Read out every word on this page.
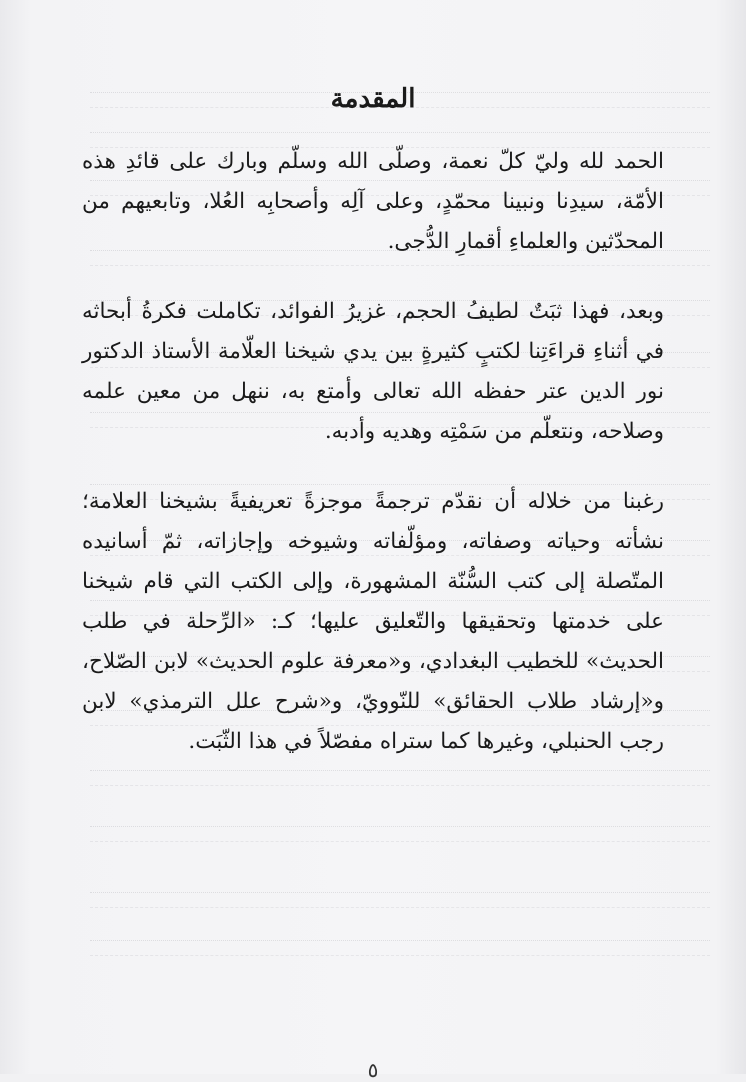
المقدمة

الحمد لله وليّ كلّ نعمة، وصلّى الله وسلّم وبارك على قائدِ هذه الأمّة، سيدِنا ونبينا محمّدٍ، وعلى آلِه وأصحابِه العُلا، وتابعيهم من المحدّثين والعلماءِ أقمارِ الدُّجى.

وبعد، فهذا ثبَتٌ لطيفُ الحجم، غزيرُ الفوائد، تكاملت فكرةُ أبحاثه في أثناءِ قراءَتِنا لكتبٍ كثيرةٍ بين يدي شيخنا العلّامة الأستاذ الدكتور نور الدين عتر حفظه الله تعالى وأمتع به، ننهل من معين علمه وصلاحه، ونتعلّم من سَمْتِه وهديه وأدبه.

رغبنا من خلاله أن نقدّم ترجمةً موجزةً تعريفيةً بشيخنا العلامة؛ نشأته وحياته وصفاته، ومؤلّفاته وشيوخه وإجازاته، ثمّ أسانيده المتّصلة إلى كتب السُّنّة المشهورة، وإلى الكتب التي قام شيخنا على خدمتها وتحقيقها والتّعليق عليها؛ كـ: «الرِّحلة في طلب الحديث» للخطيب البغدادي، و«معرفة علوم الحديث» لابن الصّلاح، و«إرشاد طلاب الحقائق» للنّوويّ، و«شرح علل الترمذي» لابن رجب الحنبلي، وغيرها كما ستراه مفصّلاً في هذا الثّبَت.

٥
